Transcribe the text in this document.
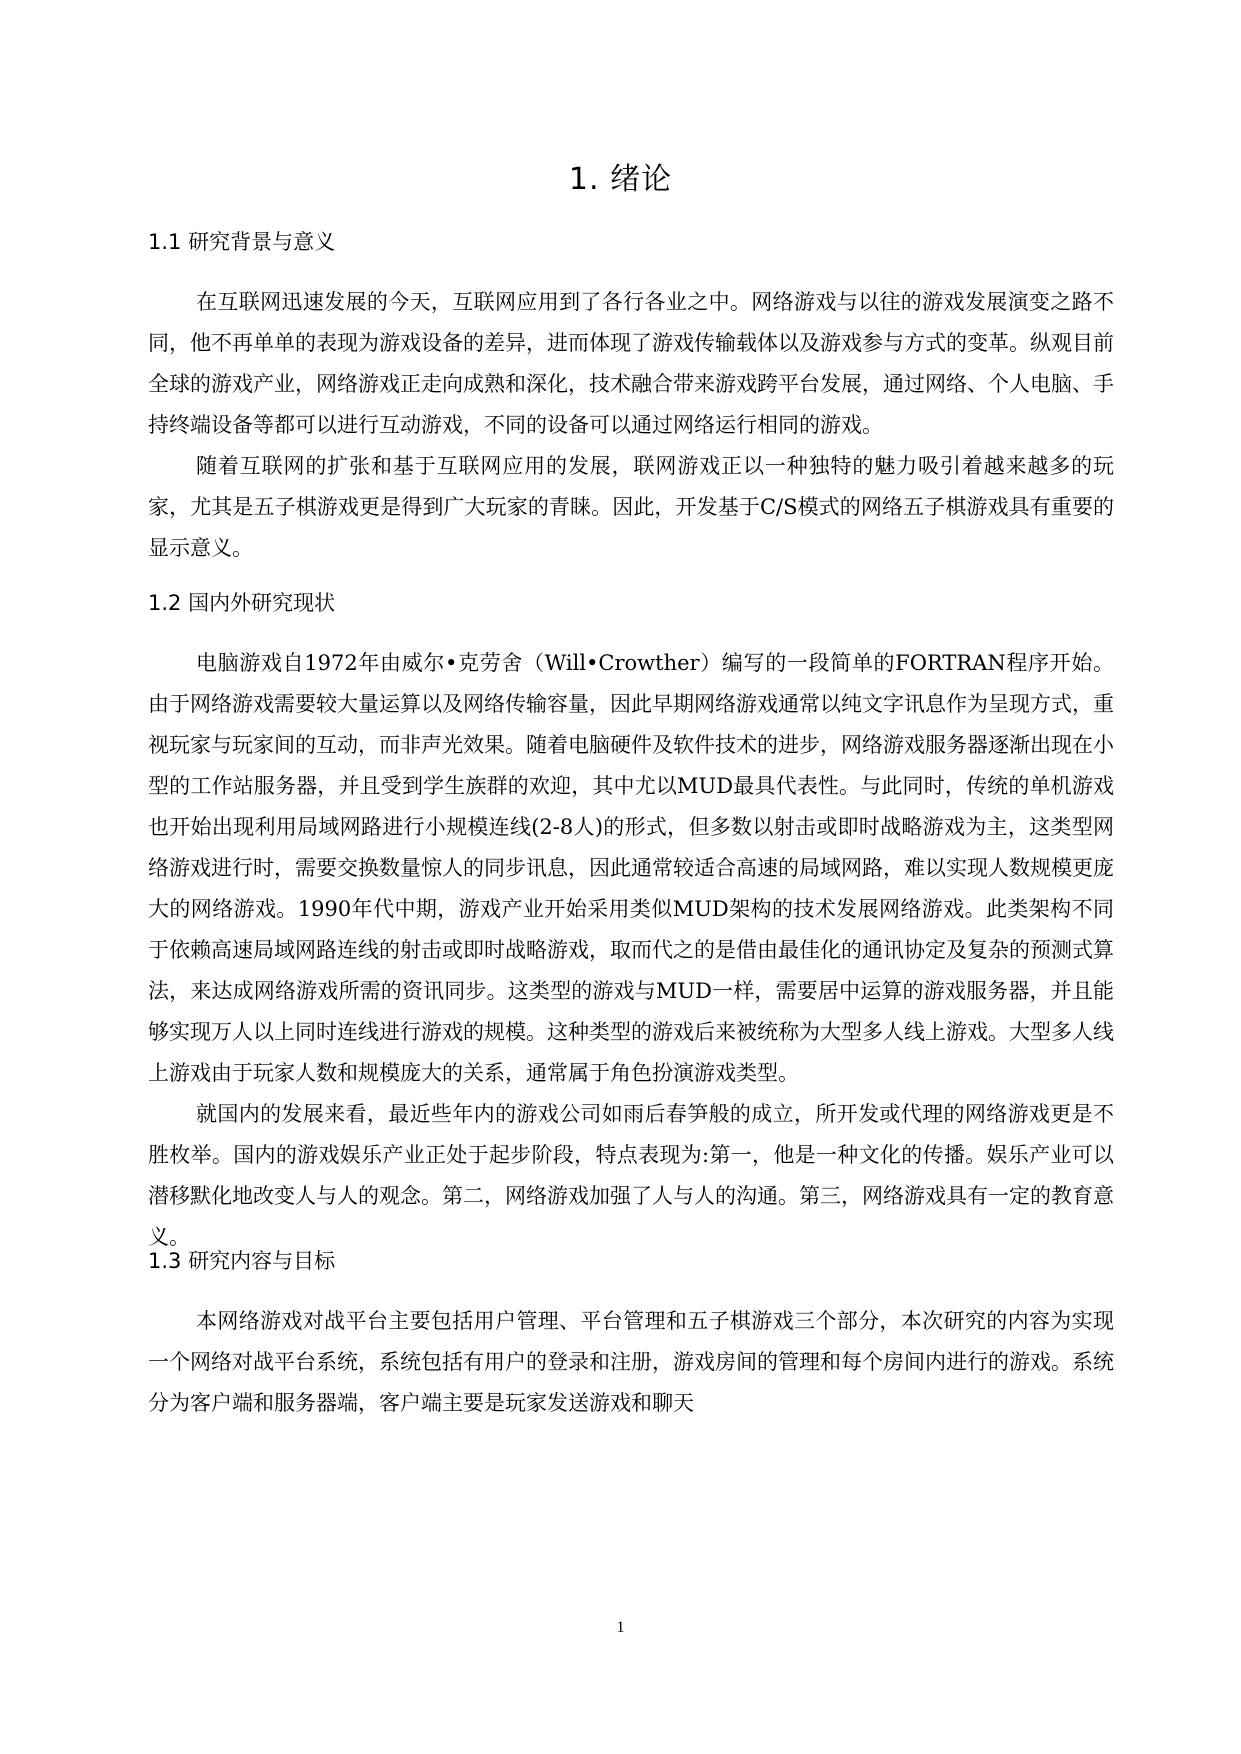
1. 绪论
1.1 研究背景与意义

在互联网迅速发展的今天，互联网应用到了各行各业之中。网络游戏与以往的游戏发展演变之路不同，他不再单单的表现为游戏设备的差异，进而体现了游戏传输载体以及游戏参与方式的变革。纵观目前全球的游戏产业，网络游戏正走向成熟和深化，技术融合带来游戏跨平台发展，通过网络、个人电脑、手持终端设备等都可以进行互动游戏，不同的设备可以通过网络运行相同的游戏。

随着互联网的扩张和基于互联网应用的发展，联网游戏正以一种独特的魅力吸引着越来越多的玩家，尤其是五子棋游戏更是得到广大玩家的青睐。因此，开发基于C/S模式的网络五子棋游戏具有重要的显示意义。

1.2 国内外研究现状

电脑游戏自1972年由威尔•克劳舍（Will•Crowther）编写的一段简单的FORTRAN程序开始。由于网络游戏需要较大量运算以及网络传输容量，因此早期网络游戏通常以纯文字讯息作为呈现方式，重视玩家与玩家间的互动，而非声光效果。随着电脑硬件及软件技术的进步，网络游戏服务器逐渐出现在小型的工作站服务器，并且受到学生族群的欢迎，其中尤以MUD最具代表性。与此同时，传统的单机游戏也开始出现利用局域网路进行小规模连线(2-8人)的形式，但多数以射击或即时战略游戏为主，这类型网络游戏进行时，需要交换数量惊人的同步讯息，因此通常较适合高速的局域网路，难以实现人数规模更庞大的网络游戏。1990年代中期，游戏产业开始采用类似MUD架构的技术发展网络游戏。此类架构不同于依赖高速局域网路连线的射击或即时战略游戏，取而代之的是借由最佳化的通讯协定及复杂的预测式算法，来达成网络游戏所需的资讯同步。这类型的游戏与MUD一样，需要居中运算的游戏服务器，并且能够实现万人以上同时连线进行游戏的规模。这种类型的游戏后来被统称为大型多人线上游戏。大型多人线上游戏由于玩家人数和规模庞大的关系，通常属于角色扮演游戏类型。

就国内的发展来看，最近些年内的游戏公司如雨后春笋般的成立，所开发或代理的网络游戏更是不胜枚举。国内的游戏娱乐产业正处于起步阶段，特点表现为:第一，他是一种文化的传播。娱乐产业可以潜移默化地改变人与人的观念。第二，网络游戏加强了人与人的沟通。第三，网络游戏具有一定的教育意义。

1.3 研究内容与目标

本网络游戏对战平台主要包括用户管理、平台管理和五子棋游戏三个部分，本次研究的内容为实现一个网络对战平台系统，系统包括有用户的登录和注册，游戏房间的管理和每个房间内进行的游戏。系统分为客户端和服务器端，客户端主要是玩家发送游戏和聊天

1
